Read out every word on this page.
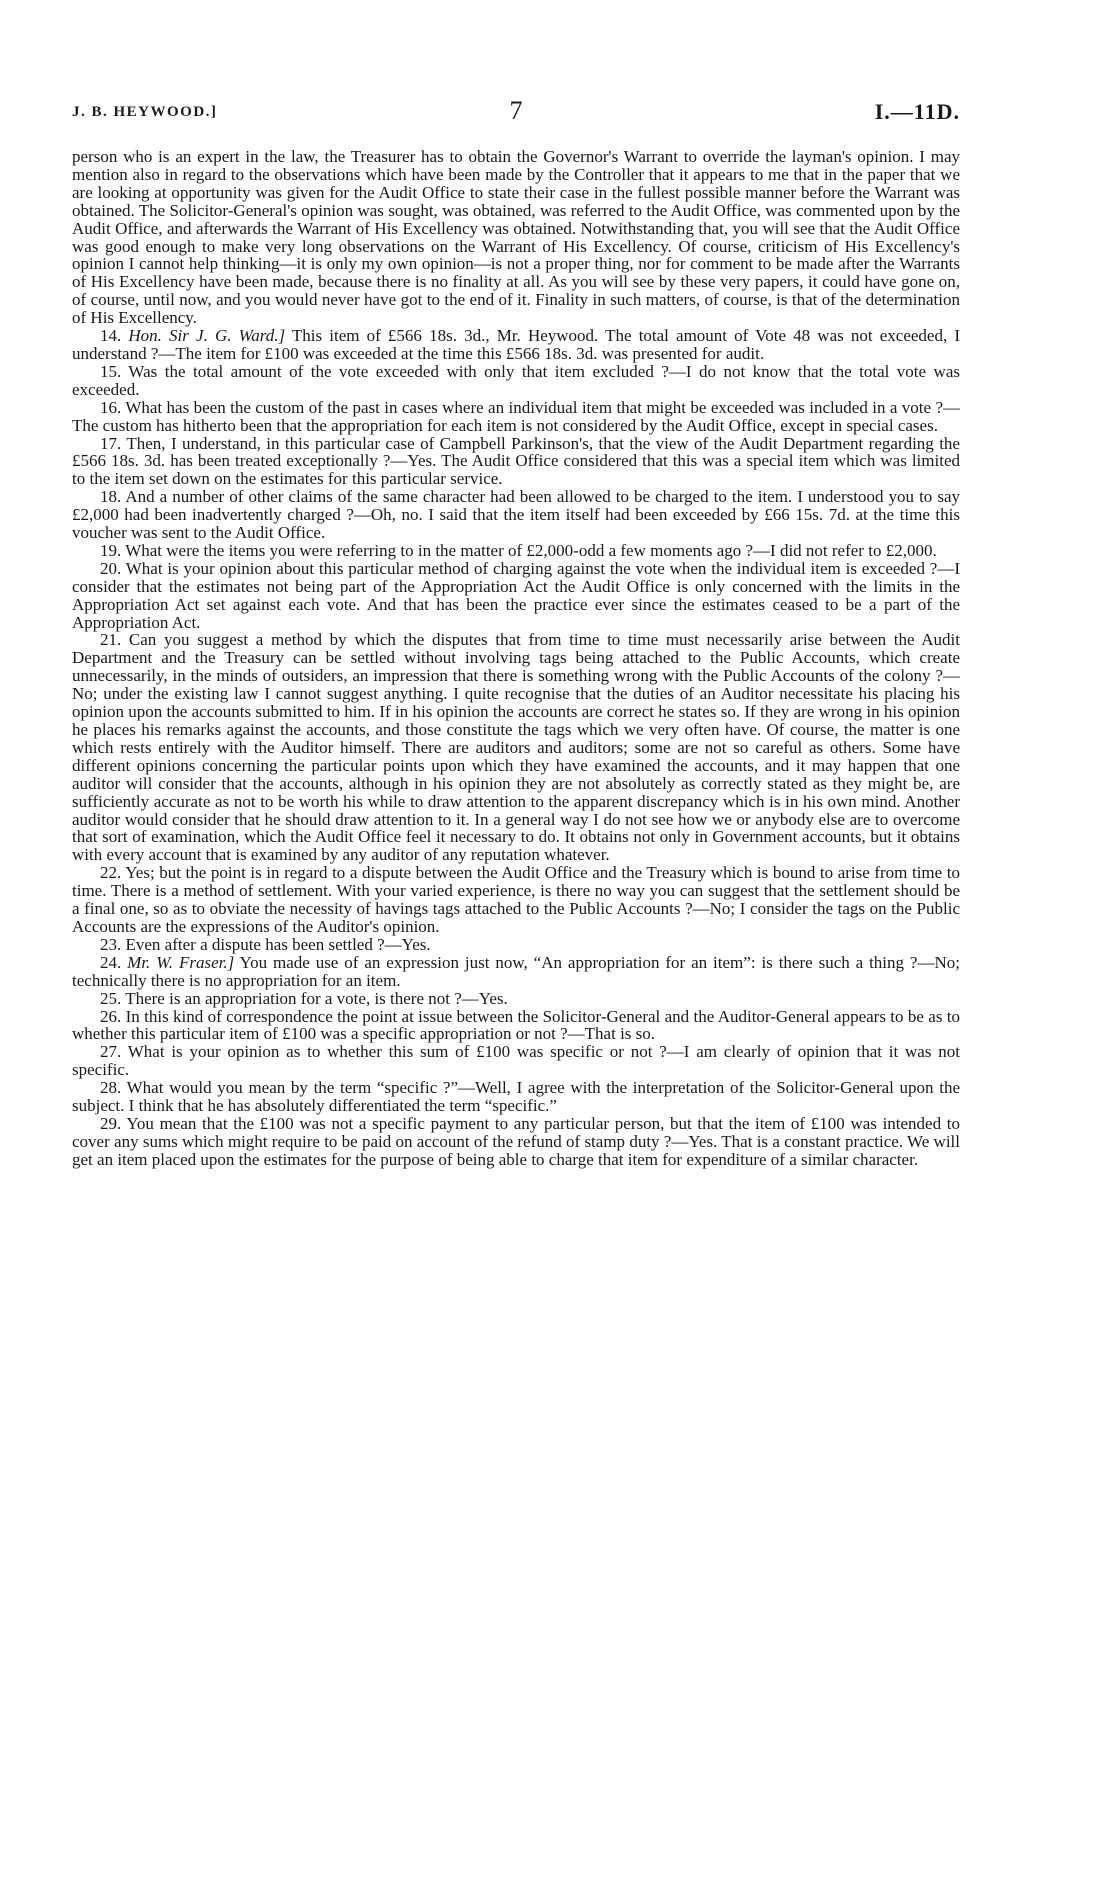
J. B. HEYWOOD.]	7	I.—11D.

person who is an expert in the law, the Treasurer has to obtain the Governor's Warrant to override the layman's opinion. I may mention also in regard to the observations which have been made by the Controller that it appears to me that in the paper that we are looking at opportunity was given for the Audit Office to state their case in the fullest possible manner before the Warrant was obtained. The Solicitor-General's opinion was sought, was obtained, was referred to the Audit Office, was commented upon by the Audit Office, and afterwards the Warrant of His Excellency was obtained. Notwithstanding that, you will see that the Audit Office was good enough to make very long observations on the Warrant of His Excellency. Of course, criticism of His Excellency's opinion I cannot help thinking—it is only my own opinion—is not a proper thing, nor for comment to be made after the Warrants of His Excellency have been made, because there is no finality at all. As you will see by these very papers, it could have gone on, of course, until now, and you would never have got to the end of it. Finality in such matters, of course, is that of the determination of His Excellency.

14. Hon. Sir J. G. Ward.] This item of £566 18s. 3d., Mr. Heywood. The total amount of Vote 48 was not exceeded, I understand ?—The item for £100 was exceeded at the time this £566 18s. 3d. was presented for audit.

15. Was the total amount of the vote exceeded with only that item excluded ?—I do not know that the total vote was exceeded.

16. What has been the custom of the past in cases where an individual item that might be exceeded was included in a vote ?—The custom has hitherto been that the appropriation for each item is not considered by the Audit Office, except in special cases.

17. Then, I understand, in this particular case of Campbell Parkinson's, that the view of the Audit Department regarding the £566 18s. 3d. has been treated exceptionally ?—Yes. The Audit Office considered that this was a special item which was limited to the item set down on the estimates for this particular service.

18. And a number of other claims of the same character had been allowed to be charged to the item. I understood you to say £2,000 had been inadvertently charged ?—Oh, no. I said that the item itself had been exceeded by £66 15s. 7d. at the time this voucher was sent to the Audit Office.

19. What were the items you were referring to in the matter of £2,000-odd a few moments ago ?—I did not refer to £2,000.

20. What is your opinion about this particular method of charging against the vote when the individual item is exceeded ?—I consider that the estimates not being part of the Appropriation Act the Audit Office is only concerned with the limits in the Appropriation Act set against each vote. And that has been the practice ever since the estimates ceased to be a part of the Appropriation Act.

21. Can you suggest a method by which the disputes that from time to time must necessarily arise between the Audit Department and the Treasury can be settled without involving tags being attached to the Public Accounts, which create unnecessarily, in the minds of outsiders, an impression that there is something wrong with the Public Accounts of the colony ?—No; under the existing law I cannot suggest anything. I quite recognise that the duties of an Auditor necessitate his placing his opinion upon the accounts submitted to him. If in his opinion the accounts are correct he states so. If they are wrong in his opinion he places his remarks against the accounts, and those constitute the tags which we very often have. Of course, the matter is one which rests entirely with the Auditor himself. There are auditors and auditors; some are not so careful as others. Some have different opinions concerning the particular points upon which they have examined the accounts, and it may happen that one auditor will consider that the accounts, although in his opinion they are not absolutely as correctly stated as they might be, are sufficiently accurate as not to be worth his while to draw attention to the apparent discrepancy which is in his own mind. Another auditor would consider that he should draw attention to it. In a general way I do not see how we or anybody else are to overcome that sort of examination, which the Audit Office feel it necessary to do. It obtains not only in Government accounts, but it obtains with every account that is examined by any auditor of any reputation whatever.

22. Yes; but the point is in regard to a dispute between the Audit Office and the Treasury which is bound to arise from time to time. There is a method of settlement. With your varied experience, is there no way you can suggest that the settlement should be a final one, so as to obviate the necessity of havings tags attached to the Public Accounts ?—No; I consider the tags on the Public Accounts are the expressions of the Auditor's opinion.

23. Even after a dispute has been settled ?—Yes.

24. Mr. W. Fraser.] You made use of an expression just now, “An appropriation for an item”: is there such a thing ?—No; technically there is no appropriation for an item.

25. There is an appropriation for a vote, is there not ?—Yes.

26. In this kind of correspondence the point at issue between the Solicitor-General and the Auditor-General appears to be as to whether this particular item of £100 was a specific appropriation or not ?—That is so.

27. What is your opinion as to whether this sum of £100 was specific or not ?—I am clearly of opinion that it was not specific.

28. What would you mean by the term “specific ?”—Well, I agree with the interpretation of the Solicitor-General upon the subject. I think that he has absolutely differentiated the term “specific.”

29. You mean that the £100 was not a specific payment to any particular person, but that the item of £100 was intended to cover any sums which might require to be paid on account of the refund of stamp duty ?—Yes. That is a constant practice. We will get an item placed upon the estimates for the purpose of being able to charge that item for expenditure of a similar character.
